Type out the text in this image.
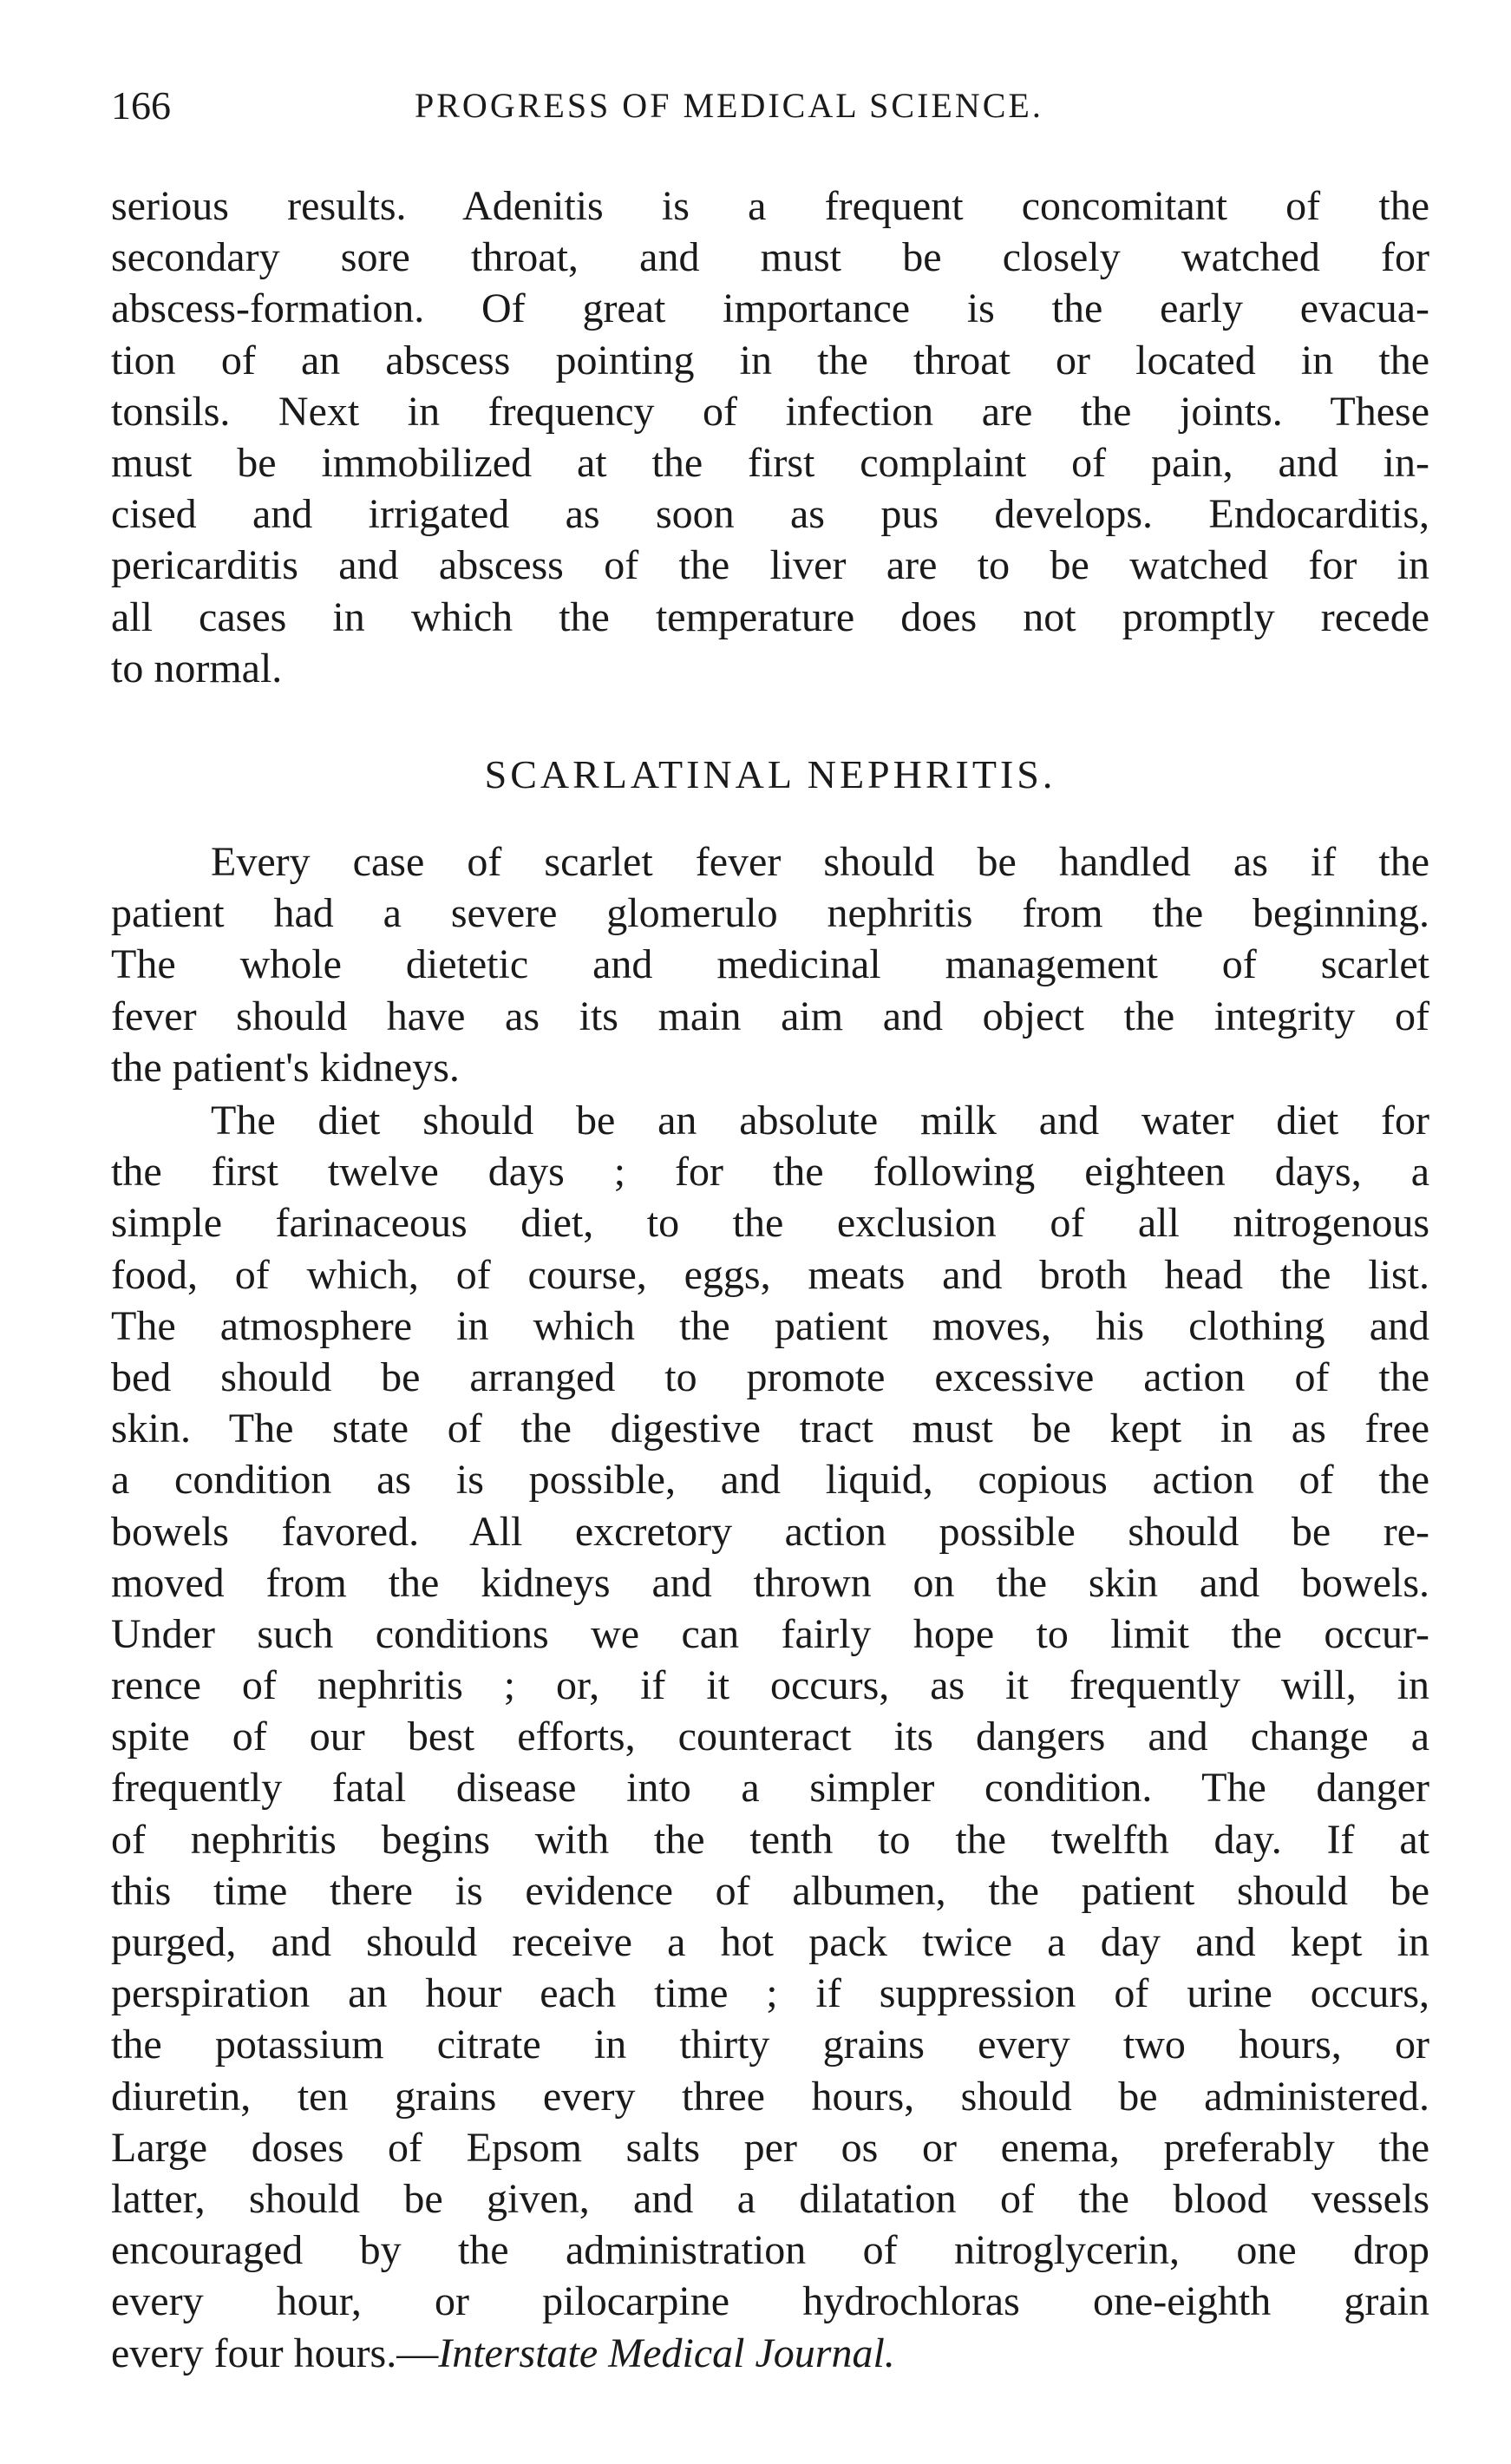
166	PROGRESS OF MEDICAL SCIENCE.
serious results. Adenitis is a frequent concomitant of the
secondary sore throat, and must be closely watched for
abscess-formation. Of great importance is the early evacua-
tion of an abscess pointing in the throat or located in the
tonsils. Next in frequency of infection are the joints. These
must be immobilized at the first complaint of pain, and in-
cised and irrigated as soon as pus develops. Endocarditis,
pericarditis and abscess of the liver are to be watched for in
all cases in which the temperature does not promptly recede
to normal.
SCARLATINAL NEPHRITIS.
Every case of scarlet fever should be handled as if the
patient had a severe glomerulo nephritis from the beginning.
The whole dietetic and medicinal management of scarlet
fever should have as its main aim and object the integrity of
the patient's kidneys.
The diet should be an absolute milk and water diet for
the first twelve days ; for the following eighteen days, a
simple farinaceous diet, to the exclusion of all nitrogenous
food, of which, of course, eggs, meats and broth head the list.
The atmosphere in which the patient moves, his clothing and
bed should be arranged to promote excessive action of the
skin. The state of the digestive tract must be kept in as free
a condition as is possible, and liquid, copious action of the
bowels favored. All excretory action possible should be re-
moved from the kidneys and thrown on the skin and bowels.
Under such conditions we can fairly hope to limit the occur-
rence of nephritis ; or, if it occurs, as it frequently will, in
spite of our best efforts, counteract its dangers and change a
frequently fatal disease into a simpler condition. The danger
of nephritis begins with the tenth to the twelfth day. If at
this time there is evidence of albumen, the patient should be
purged, and should receive a hot pack twice a day and kept in
perspiration an hour each time ; if suppression of urine occurs,
the potassium citrate in thirty grains every two hours, or
diuretin, ten grains every three hours, should be administered.
Large doses of Epsom salts per os or enema, preferably the
latter, should be given, and a dilatation of the blood vessels
encouraged by the administration of nitroglycerin, one drop
every hour, or pilocarpine hydrochloras one-eighth grain
every four hours.—Interstate Medical Journal.
